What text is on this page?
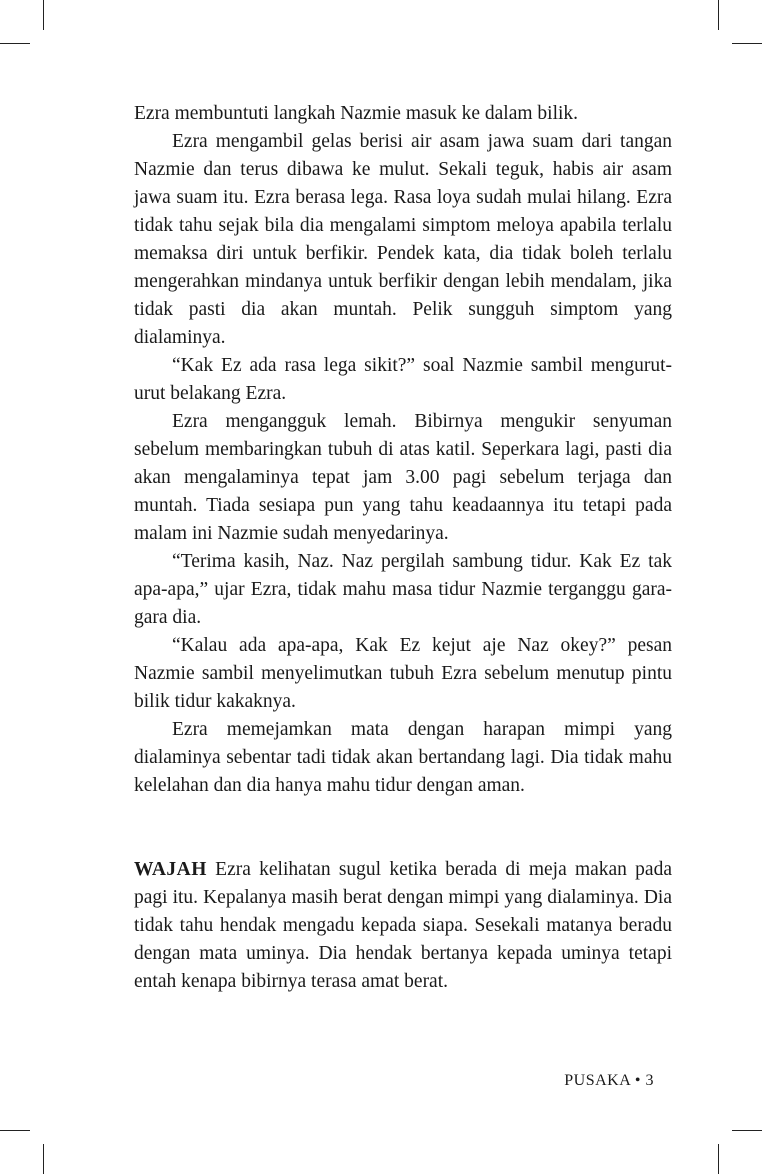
Ezra membuntuti langkah Nazmie masuk ke dalam bilik.

Ezra mengambil gelas berisi air asam jawa suam dari tangan Nazmie dan terus dibawa ke mulut. Sekali teguk, habis air asam jawa suam itu. Ezra berasa lega. Rasa loya sudah mulai hilang. Ezra tidak tahu sejak bila dia mengalami simptom meloya apabila terlalu memaksa diri untuk berfikir. Pendek kata, dia tidak boleh terlalu mengerahkan mindanya untuk berfikir dengan lebih mendalam, jika tidak pasti dia akan muntah. Pelik sungguh simptom yang dialaminya.

“Kak Ez ada rasa lega sikit?” soal Nazmie sambil mengurut-urut belakang Ezra.

Ezra mengangguk lemah. Bibirnya mengukir senyuman sebelum membaringkan tubuh di atas katil. Seperkara lagi, pasti dia akan mengalaminya tepat jam 3.00 pagi sebelum terjaga dan muntah. Tiada sesiapa pun yang tahu keadaannya itu tetapi pada malam ini Nazmie sudah menyedarinya.

“Terima kasih, Naz. Naz pergilah sambung tidur. Kak Ez tak apa-apa,” ujar Ezra, tidak mahu masa tidur Nazmie terganggu gara-gara dia.

“Kalau ada apa-apa, Kak Ez kejut aje Naz okey?” pesan Nazmie sambil menyelimutkan tubuh Ezra sebelum menutup pintu bilik tidur kakaknya.

Ezra memejamkan mata dengan harapan mimpi yang dialaminya sebentar tadi tidak akan bertandang lagi. Dia tidak mahu kelelahan dan dia hanya mahu tidur dengan aman.

WAJAH Ezra kelihatan sugul ketika berada di meja makan pada pagi itu. Kepalanya masih berat dengan mimpi yang dialaminya. Dia tidak tahu hendak mengadu kepada siapa. Sesekali matanya beradu dengan mata uminya. Dia hendak bertanya kepada uminya tetapi entah kenapa bibirnya terasa amat berat.

PUSAKA • 3
